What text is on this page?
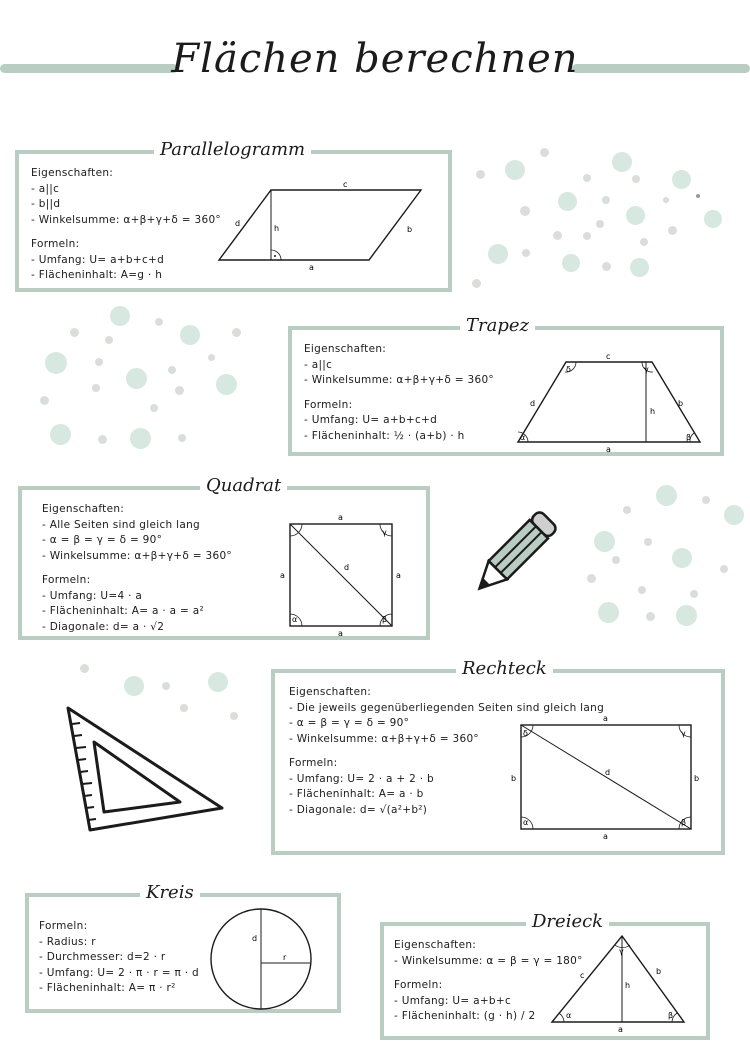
Flächen berechnen
Eigenschaften:
- a||c
- b||d
- Winkelsumme: α+β+γ+δ = 360°
Formeln:
- Umfang: U= a+b+c+d
- Flächeninhalt: A=g · h
c
a
d
b
h
Parallelogramm
Eigenschaften:
- a||c
- Winkelsumme: α+β+γ+δ = 360°
Formeln:
- Umfang: U= a+b+c+d
- Flächeninhalt: ½ · (a+b) · h	α	β
γ
δ
c
a
d	b
h
Trapez
Eigenschaften:
- Alle Seiten sind gleich lang
- α = β = γ = δ = 90°
- Winkelsumme: α+β+γ+δ = 360°
Formeln:
- Umfang: U=4 · a
- Flächeninhalt: A= a · a = a²
- Diagonale: d= a · √2
α	β
γ
a
a
a	a
d
Quadrat
Eigenschaften:
- Die jeweils gegenüberliegenden Seiten sind gleich lang
- α = β = γ = δ = 90°
- Winkelsumme: α+β+γ+δ = 360°
Formeln:
- Umfang: U= 2 · a + 2 · b
- Flächeninhalt: A= a · b
- Diagonale: d= √(a²+b²)
α	β
γ
δ
a
a
b	b
d
Rechteck
Formeln:
- Radius: r
- Durchmesser: d=2 · r
- Umfang: U= 2 · π · r = π · d
- Flächeninhalt: A= π · r²
d
r
Kreis
Eigenschaften:
- Winkelsumme: α = β = γ = 180°
Formeln:
- Umfang: U= a+b+c
- Flächeninhalt: (g · h) / 2	α	β
γ
c	b
a
h
Dreieck
